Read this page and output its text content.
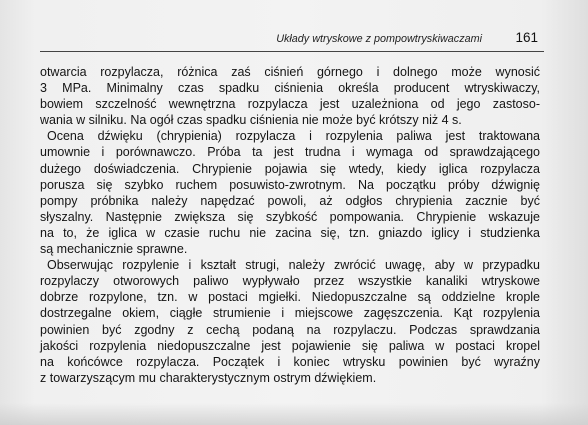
Układy wtryskowe z pompowtryskiwaczami 161
otwarcia rozpylacza, różnica zaś ciśnień górnego i dolnego może wynosić
3 MPa. Minimalny czas spadku ciśnienia określa producent wtryskiwaczy,
bowiem szczelność wewnętrzna rozpylacza jest uzależniona od jego zastoso-
wania w silniku. Na ogół czas spadku ciśnienia nie może być krótszy niż 4 s.
Ocena dźwięku (chrypienia) rozpylacza i rozpylenia paliwa jest traktowana
umownie i porównawczo. Próba ta jest trudna i wymaga od sprawdzającego
dużego doświadczenia. Chrypienie pojawia się wtedy, kiedy iglica rozpylacza
porusza się szybko ruchem posuwisto-zwrotnym. Na początku próby dźwignię
pompy próbnika należy napędzać powoli, aż odgłos chrypienia zacznie być
słyszalny. Następnie zwiększa się szybkość pompowania. Chrypienie wskazuje
na to, że iglica w czasie ruchu nie zacina się, tzn. gniazdo iglicy i studzienka
są mechanicznie sprawne.
Obserwując rozpylenie i kształt strugi, należy zwrócić uwagę, aby w przypadku
rozpylaczy otworowych paliwo wypływało przez wszystkie kanaliki wtryskowe
dobrze rozpylone, tzn. w postaci mgiełki. Niedopuszczalne są oddzielne krople
dostrzegalne okiem, ciągłe strumienie i miejscowe zagęszczenia. Kąt rozpylenia
powinien być zgodny z cechą podaną na rozpylaczu. Podczas sprawdzania
jakości rozpylenia niedopuszczalne jest pojawienie się paliwa w postaci kropel
na końcówce rozpylacza. Początek i koniec wtrysku powinien być wyraźny
z towarzyszącym mu charakterystycznym ostrym dźwiękiem.
